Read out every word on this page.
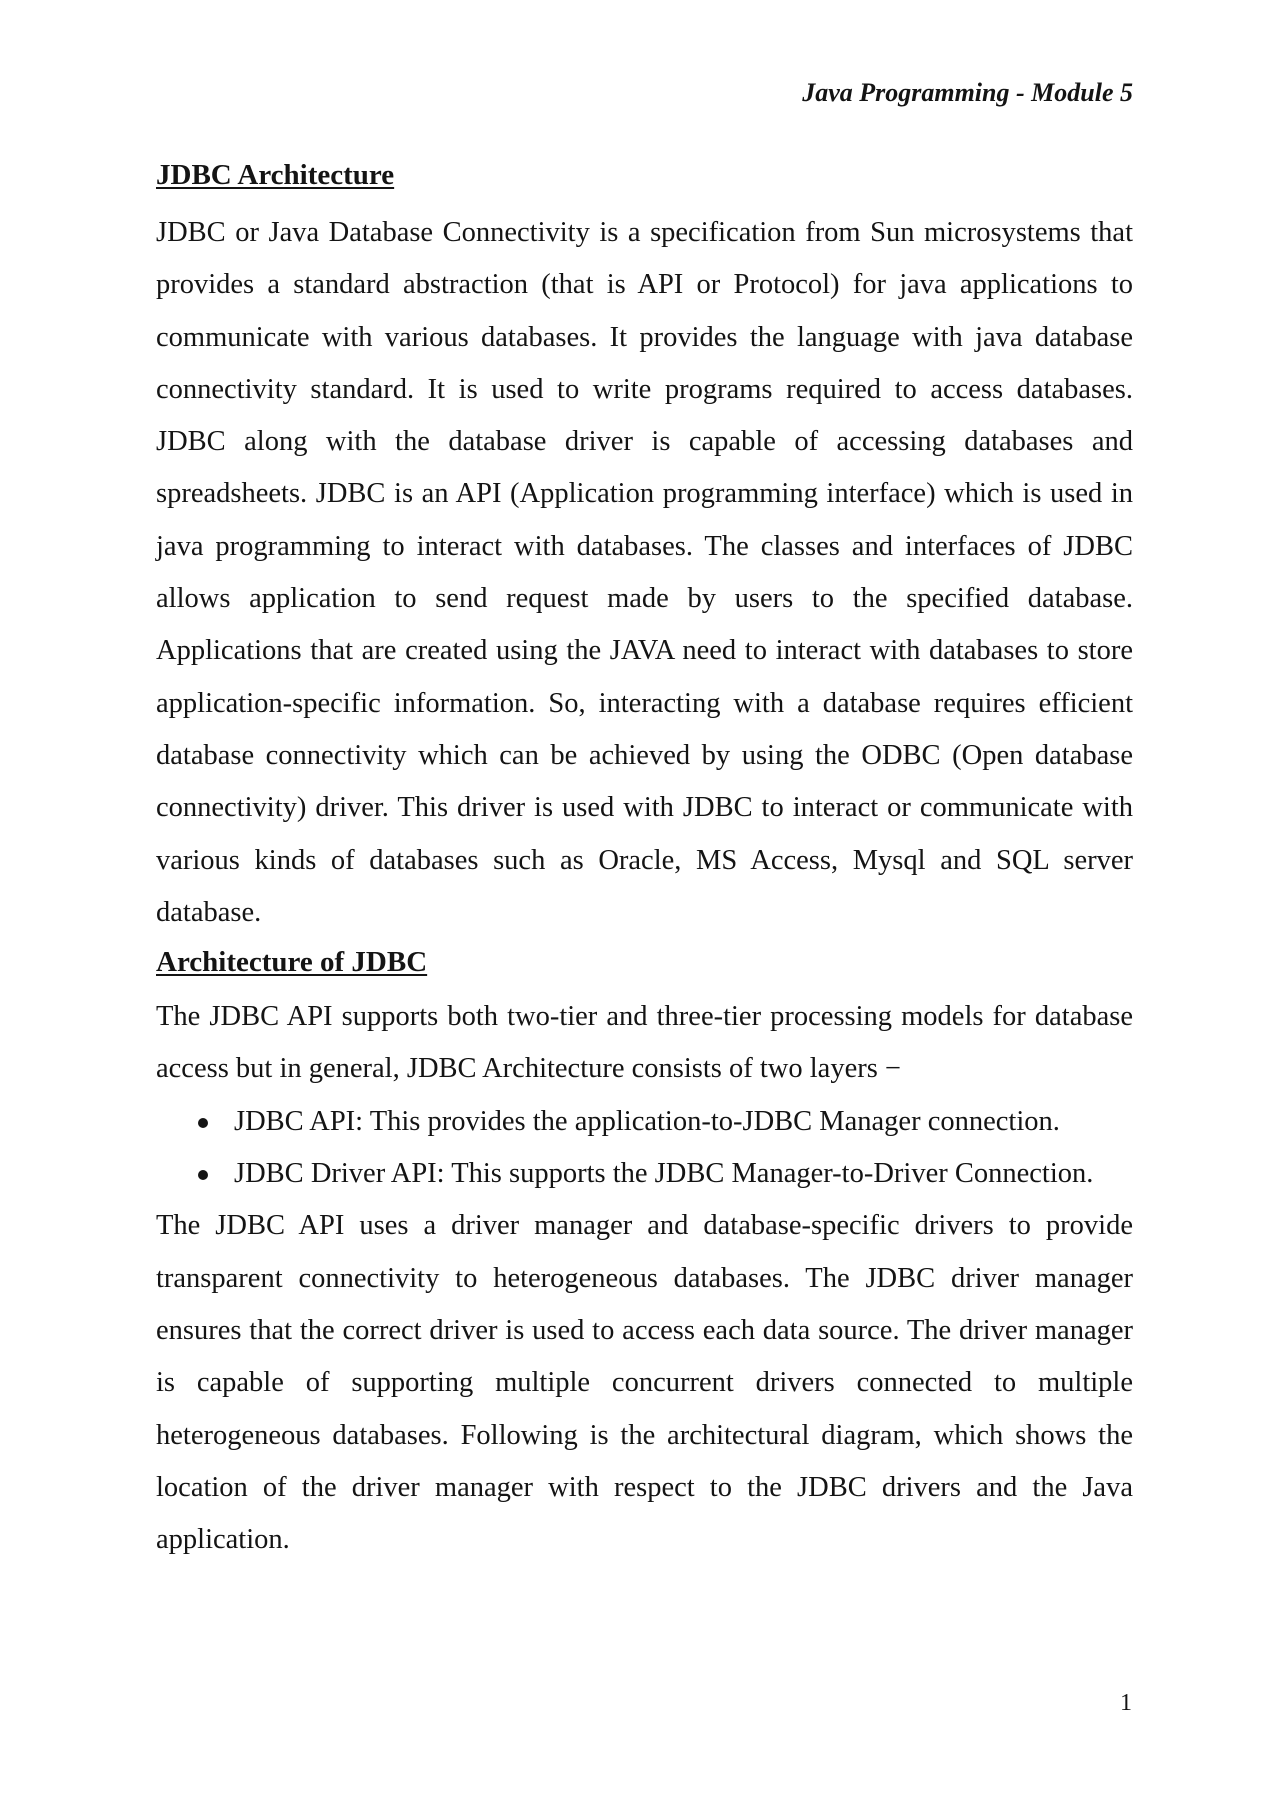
Java Programming - Module 5
JDBC Architecture

JDBC or Java Database Connectivity is a specification from Sun microsystems that provides a standard abstraction (that is API or Protocol) for java applications to communicate with various databases. It provides the language with java database connectivity standard. It is used to write programs required to access databases. JDBC along with the database driver is capable of accessing databases and spreadsheets. JDBC is an API (Application programming interface) which is used in java programming to interact with databases. The classes and interfaces of JDBC allows application to send request made by users to the specified database. Applications that are created using the JAVA need to interact with databases to store application-specific information. So, interacting with a database requires efficient database connectivity which can be achieved by using the ODBC (Open database connectivity) driver. This driver is used with JDBC to interact or communicate with various kinds of databases such as Oracle, MS Access, Mysql and SQL server database.

Architecture of JDBC

The JDBC API supports both two-tier and three-tier processing models for database access but in general, JDBC Architecture consists of two layers −

JDBC API: This provides the application-to-JDBC Manager connection.
JDBC Driver API: This supports the JDBC Manager-to-Driver Connection.

The JDBC API uses a driver manager and database-specific drivers to provide transparent connectivity to heterogeneous databases. The JDBC driver manager ensures that the correct driver is used to access each data source. The driver manager is capable of supporting multiple concurrent drivers connected to multiple heterogeneous databases. Following is the architectural diagram, which shows the location of the driver manager with respect to the JDBC drivers and the Java application.

1
